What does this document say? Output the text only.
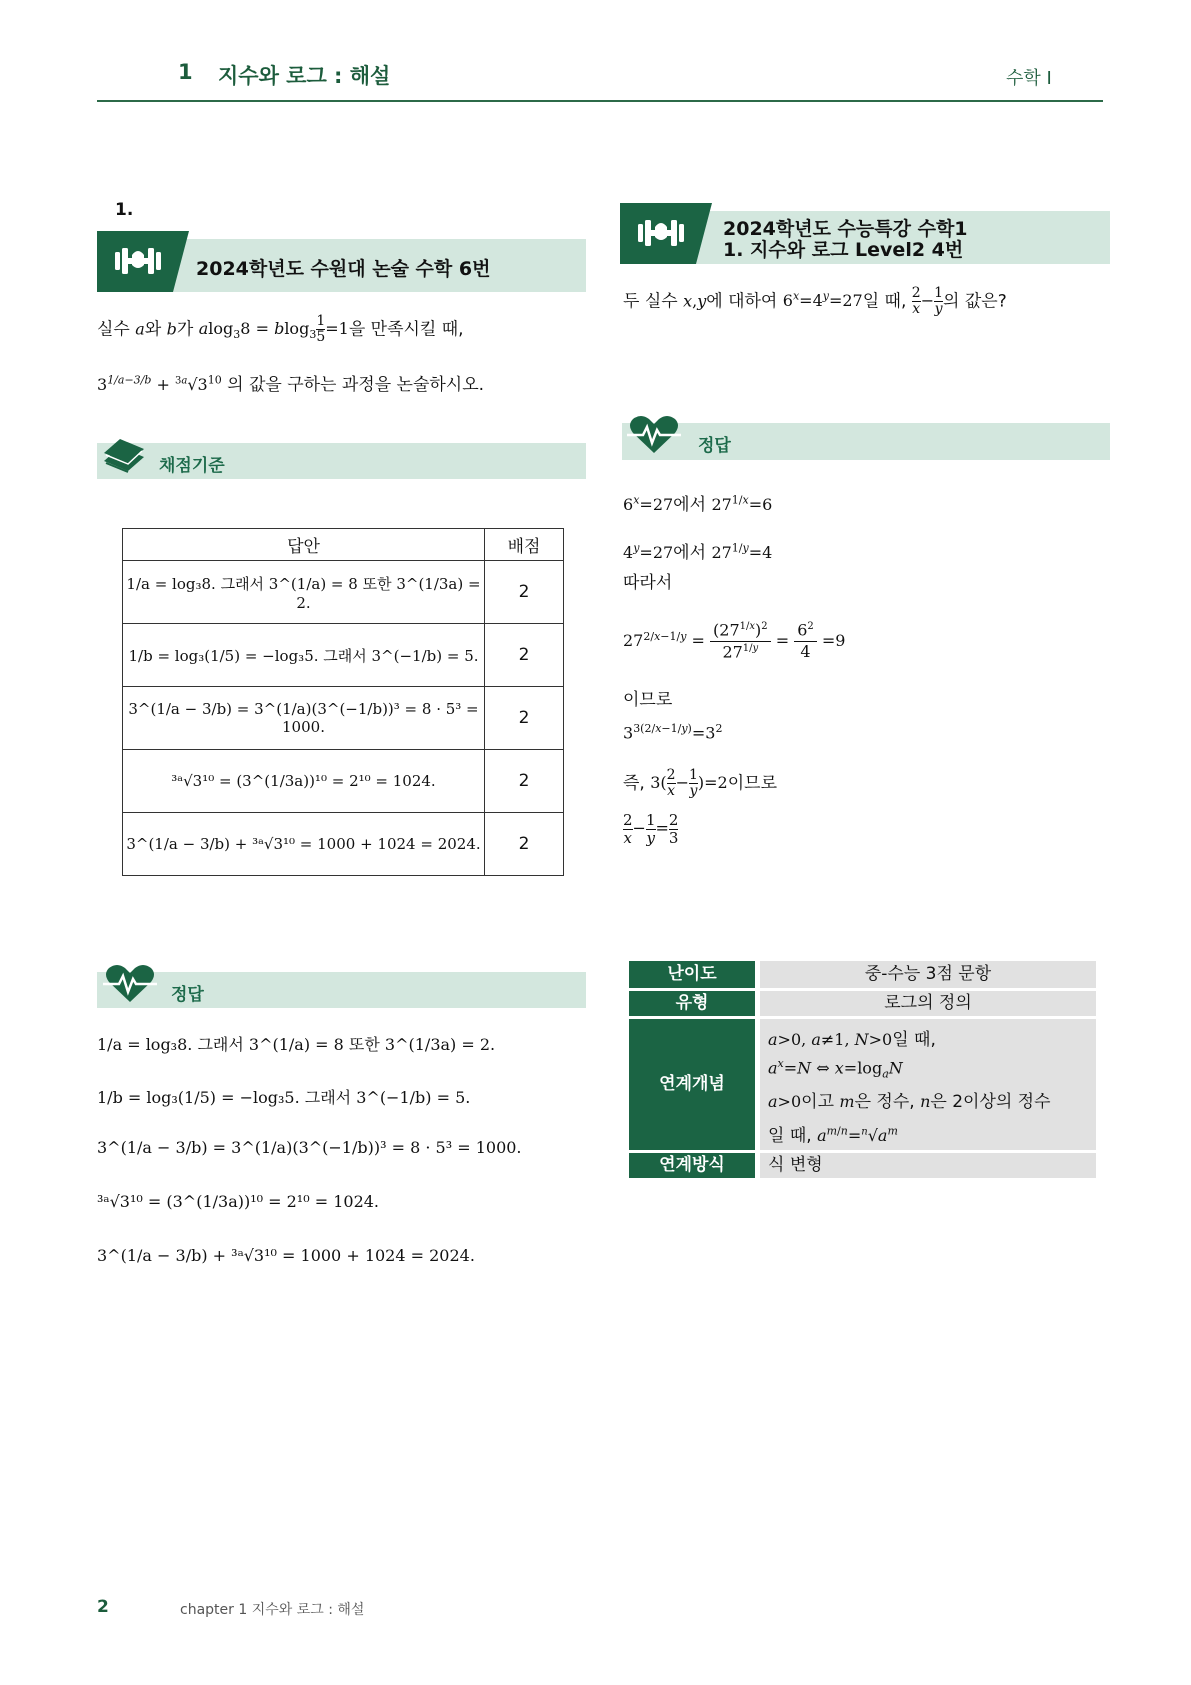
1 지수와 로그 : 해설	수학 I
1.
2024학년도 수원대 논술 수학 6번
실수 a와 b가 $alog_38 = blog_3 \frac{1}{5} =1$을 만족시킬 때,
$3^{1/a-3/b} + ^{3a}√3^{10}$ 의 값을 구하는 과정을 논술하시오.
채점기준
답안	배점
1/a = log₃8. 그래서 3^(1/a) = 8 또한 3^(1/3a) = 2.	2
1/b = log₃(1/5) = −log₃5. 그래서 3^(−1/b) = 5.	2
3^(1/a − 3/b) = 3^(1/a)(3^(−1/b))³ = 8 · 5³ = 1000.	2
³ᵃ√3¹⁰ = (3^(1/3a))¹⁰ = 2¹⁰ = 1024.	2
3^(1/a − 3/b) + ³ᵃ√3¹⁰ = 1000 + 1024 = 2024.	2
정답
1/a = log₃8. 그래서 3^(1/a) = 8 또한 3^(1/3a) = 2.
1/b = log₃(1/5) = −log₃5. 그래서 3^(−1/b) = 5.
3^(1/a − 3/b) = 3^(1/a)(3^(−1/b))³ = 8 · 5³ = 1000.
³ᵃ√3¹⁰ = (3^(1/3a))¹⁰ = 2¹⁰ = 1024.
3^(1/a − 3/b) + ³ᵃ√3¹⁰ = 1000 + 1024 = 2024.
2024학년도 수능특강 수학1
1. 지수와 로그 Level2 4번
두 실수 x,y에 대하여 $6^x=4^y=27$일 때, $\frac{2}{x} - \frac{1}{y}$ 의 값은?
정답
$6^x=27$에서 $27^{1/x}=6$
$4^y=27$에서 $27^{1/y}=4$
따라서
$27^{2/x-1/y} = \frac{(27^{1/x})^2}{27^{1/y}} = \frac{6^2}{4} =9$
이므로
$3^{3(2/x-1/y)}=3^2$
즉, $3( \frac{2}{x} - \frac{1}{y} )=2$이므로
$\frac{2}{x} - \frac{1}{y} = \frac{2}{3}$
난이도	중-수능 3점 문항
유형	로그의 정의
연계개념
a>0, a≠1, N>0일 때,
$a^x=N$ ⇔ $x=\log_aN$
a>0이고 m은 정수, n은 2이상의 정수
일 때, $a^{m/n}=^n√a^m$
연계방식	식 변형
2	chapter 1 지수와 로그 : 해설
